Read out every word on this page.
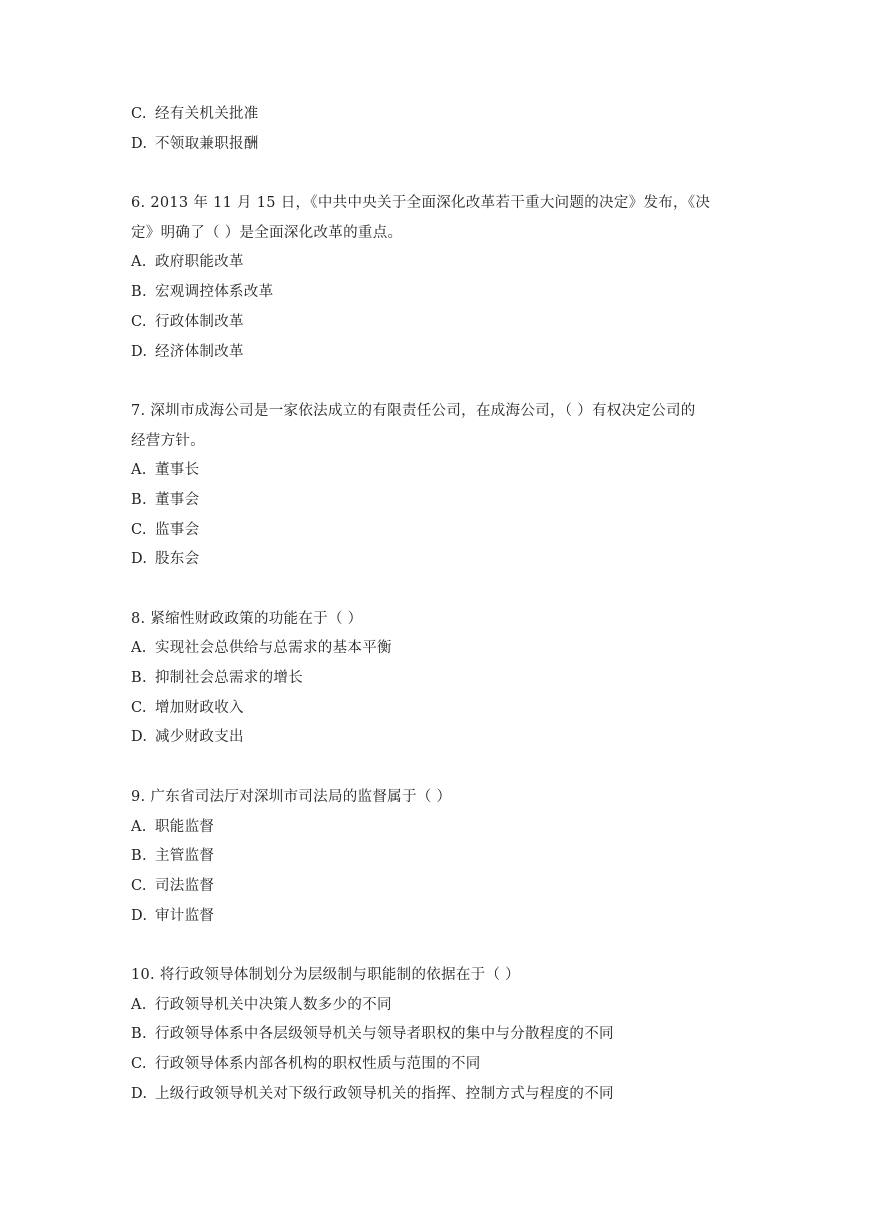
C. 经有关机关批准
D. 不领取兼职报酬
6. 2013 年 11 月 15 日，《中共中央关于全面深化改革若干重大问题的决定》发布，《决
定》明确了（ ）是全面深化改革的重点。
A. 政府职能改革
B. 宏观调控体系改革
C. 行政体制改革
D. 经济体制改革
7. 深圳市成海公司是一家依法成立的有限责任公司，在成海公司，（ ）有权决定公司的
经营方针。
A. 董事长
B. 董事会
C. 监事会
D. 股东会
8. 紧缩性财政政策的功能在于（ ）
A. 实现社会总供给与总需求的基本平衡
B. 抑制社会总需求的增长
C. 增加财政收入
D. 减少财政支出
9. 广东省司法厅对深圳市司法局的监督属于（ ）
A. 职能监督
B. 主管监督
C. 司法监督
D. 审计监督
10. 将行政领导体制划分为层级制与职能制的依据在于（ ）
A. 行政领导机关中决策人数多少的不同
B. 行政领导体系中各层级领导机关与领导者职权的集中与分散程度的不同
C. 行政领导体系内部各机构的职权性质与范围的不同
D. 上级行政领导机关对下级行政领导机关的指挥、控制方式与程度的不同
